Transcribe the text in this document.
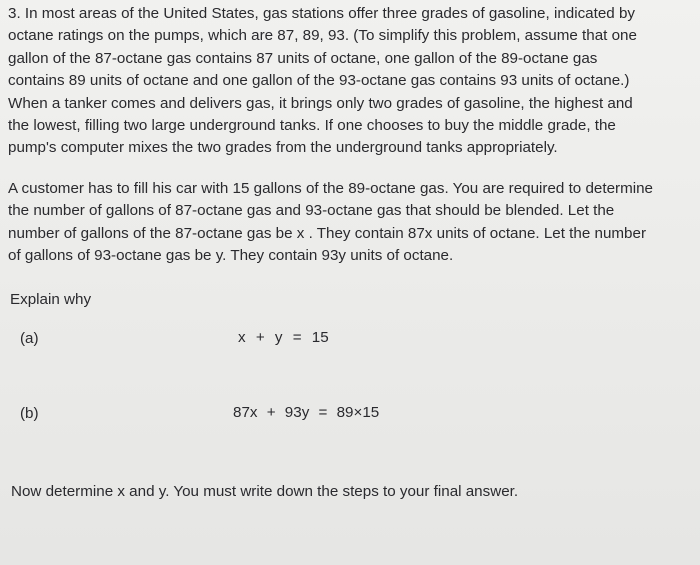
3. In most areas of the United States, gas stations offer three grades of gasoline, indicated by
octane ratings on the pumps, which are 87, 89, 93. (To simplify this problem, assume that one
gallon of the 87-octane gas contains 87 units of octane, one gallon of the 89-octane gas
contains 89 units of octane and one gallon of the 93-octane gas contains 93 units of octane.)
When a tanker comes and delivers gas, it brings only two grades of gasoline, the highest and
the lowest, filling two large underground tanks. If one chooses to buy the middle grade, the
pump's computer mixes the two grades from the underground tanks appropriately.
A customer has to fill his car with 15 gallons of the 89-octane gas. You are required to determine
the number of gallons of 87-octane gas and 93-octane gas that should be blended. Let the
number of gallons of the 87-octane gas be x . They contain 87x units of octane. Let the number
of gallons of 93-octane gas be y. They contain 93y units of octane.
Explain why
(a)	x + y = 15
(b)	87x + 93y = 89×15
Now determine x and y. You must write down the steps to your final answer.
